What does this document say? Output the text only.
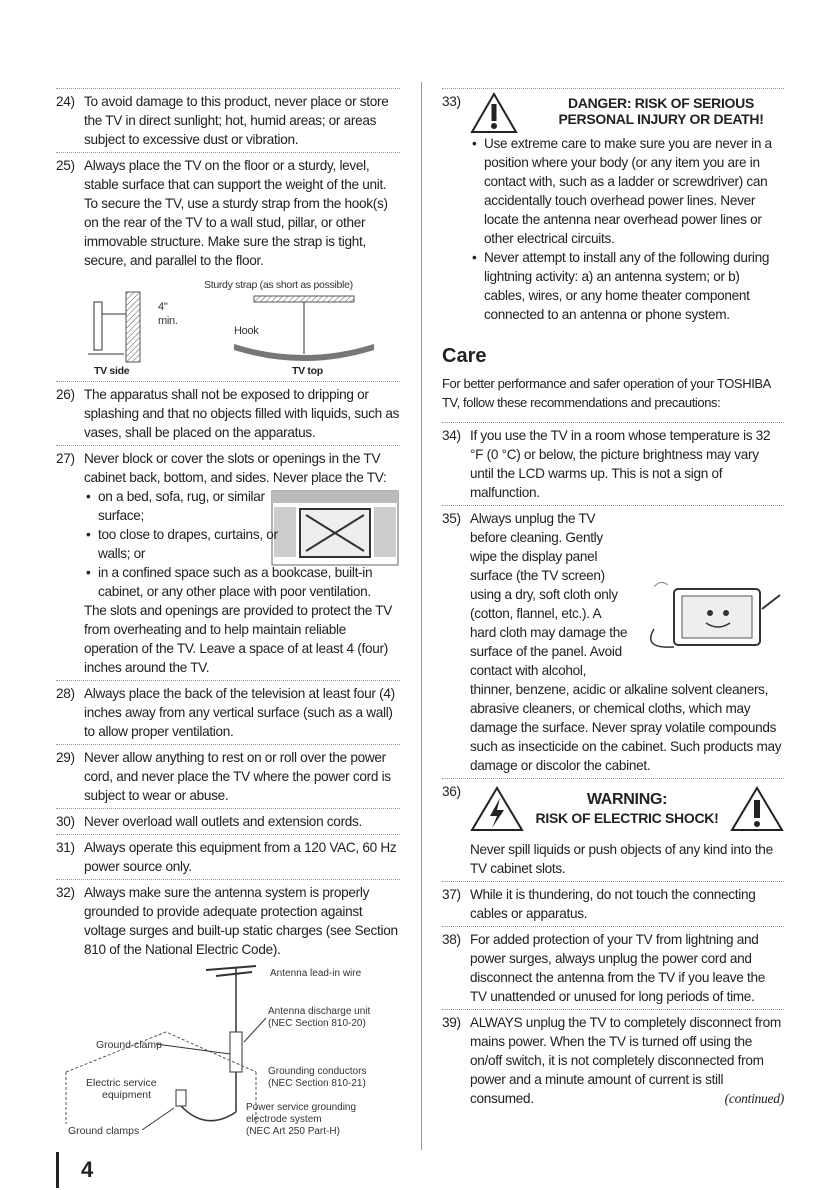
24) To avoid damage to this product, never place or store the TV in direct sunlight; hot, humid areas; or areas subject to excessive dust or vibration.

25) Always place the TV on the floor or a sturdy, level, stable surface that can support the weight of the unit. To secure the TV, use a sturdy strap from the hook(s) on the rear of the TV to a wall stud, pillar, or other immovable structure. Make sure the strap is tight, secure, and parallel to the floor.

Sturdy strap (as short as possible)
4"
min.
Hook
TV side	TV top
26) The apparatus shall not be exposed to dripping or splashing and that no objects filled with liquids, such as vases, shall be placed on the apparatus.

27) Never block or cover the slots or openings in the TV cabinet back, bottom, and sides. Never place the TV:

• on a bed, sofa, rug, or similar surface;
• too close to drapes, curtains, or walls; or
• in a confined space such as a bookcase, built-in cabinet, or any other place with poor ventilation.

The slots and openings are provided to protect the TV from overheating and to help maintain reliable operation of the TV. Leave a space of at least 4 (four) inches around the TV.

28) Always place the back of the television at least four (4) inches away from any vertical surface (such as a wall) to allow proper ventilation.

29) Never allow anything to rest on or roll over the power cord, and never place the TV where the power cord is subject to wear or abuse.

30) Never overload wall outlets and extension cords.

31) Always operate this equipment from a 120 VAC, 60 Hz power source only.

32) Always make sure the antenna system is properly grounded to provide adequate protection against voltage surges and built-up static charges (see Section 810 of the National Electric Code).

Antenna lead-in wire
Antenna discharge unit
(NEC Section 810-20)
Ground clamp
Electric service
equipment
Grounding conductors
(NEC Section 810-21)
Power service grounding
electrode system
(NEC Art 250 Part-H)
Ground clamps
33)	DANGER: RISK OF SERIOUS
PERSONAL INJURY OR DEATH!
• Use extreme care to make sure you are never in a position where your body (or any item you are in contact with, such as a ladder or screwdriver) can accidentally touch overhead power lines. Never locate the antenna near overhead power lines or other electrical circuits.
• Never attempt to install any of the following during lightning activity: a) an antenna system; or b) cables, wires, or any home theater component connected to an antenna or phone system.
Care
For better performance and safer operation of your TOSHIBA TV, follow these recommendations and precautions:
34) If you use the TV in a room whose temperature is 32 °F (0 °C) or below, the picture brightness may vary until the LCD warms up. This is not a sign of malfunction.

35) Always unplug the TV before cleaning. Gently wipe the display panel surface (the TV screen) using a dry, soft cloth only (cotton, flannel, etc.). A hard cloth may damage the surface of the panel. Avoid contact with alcohol, thinner, benzene, acidic or alkaline solvent cleaners, abrasive cleaners, or chemical cloths, which may damage the surface. Never spray volatile compounds such as insecticide on the cabinet. Such products may damage or discolor the cabinet.

36)	WARNING:
RISK OF ELECTRIC SHOCK!

Never spill liquids or push objects of any kind into the TV cabinet slots.

37) While it is thundering, do not touch the connecting cables or apparatus.

38) For added protection of your TV from lightning and power surges, always unplug the power cord and disconnect the antenna from the TV if you leave the TV unattended or unused for long periods of time.

39) ALWAYS unplug the TV to completely disconnect from mains power. When the TV is turned off using the on/off switch, it is not completely disconnected from power and a minute amount of current is still consumed.	(continued)

4
